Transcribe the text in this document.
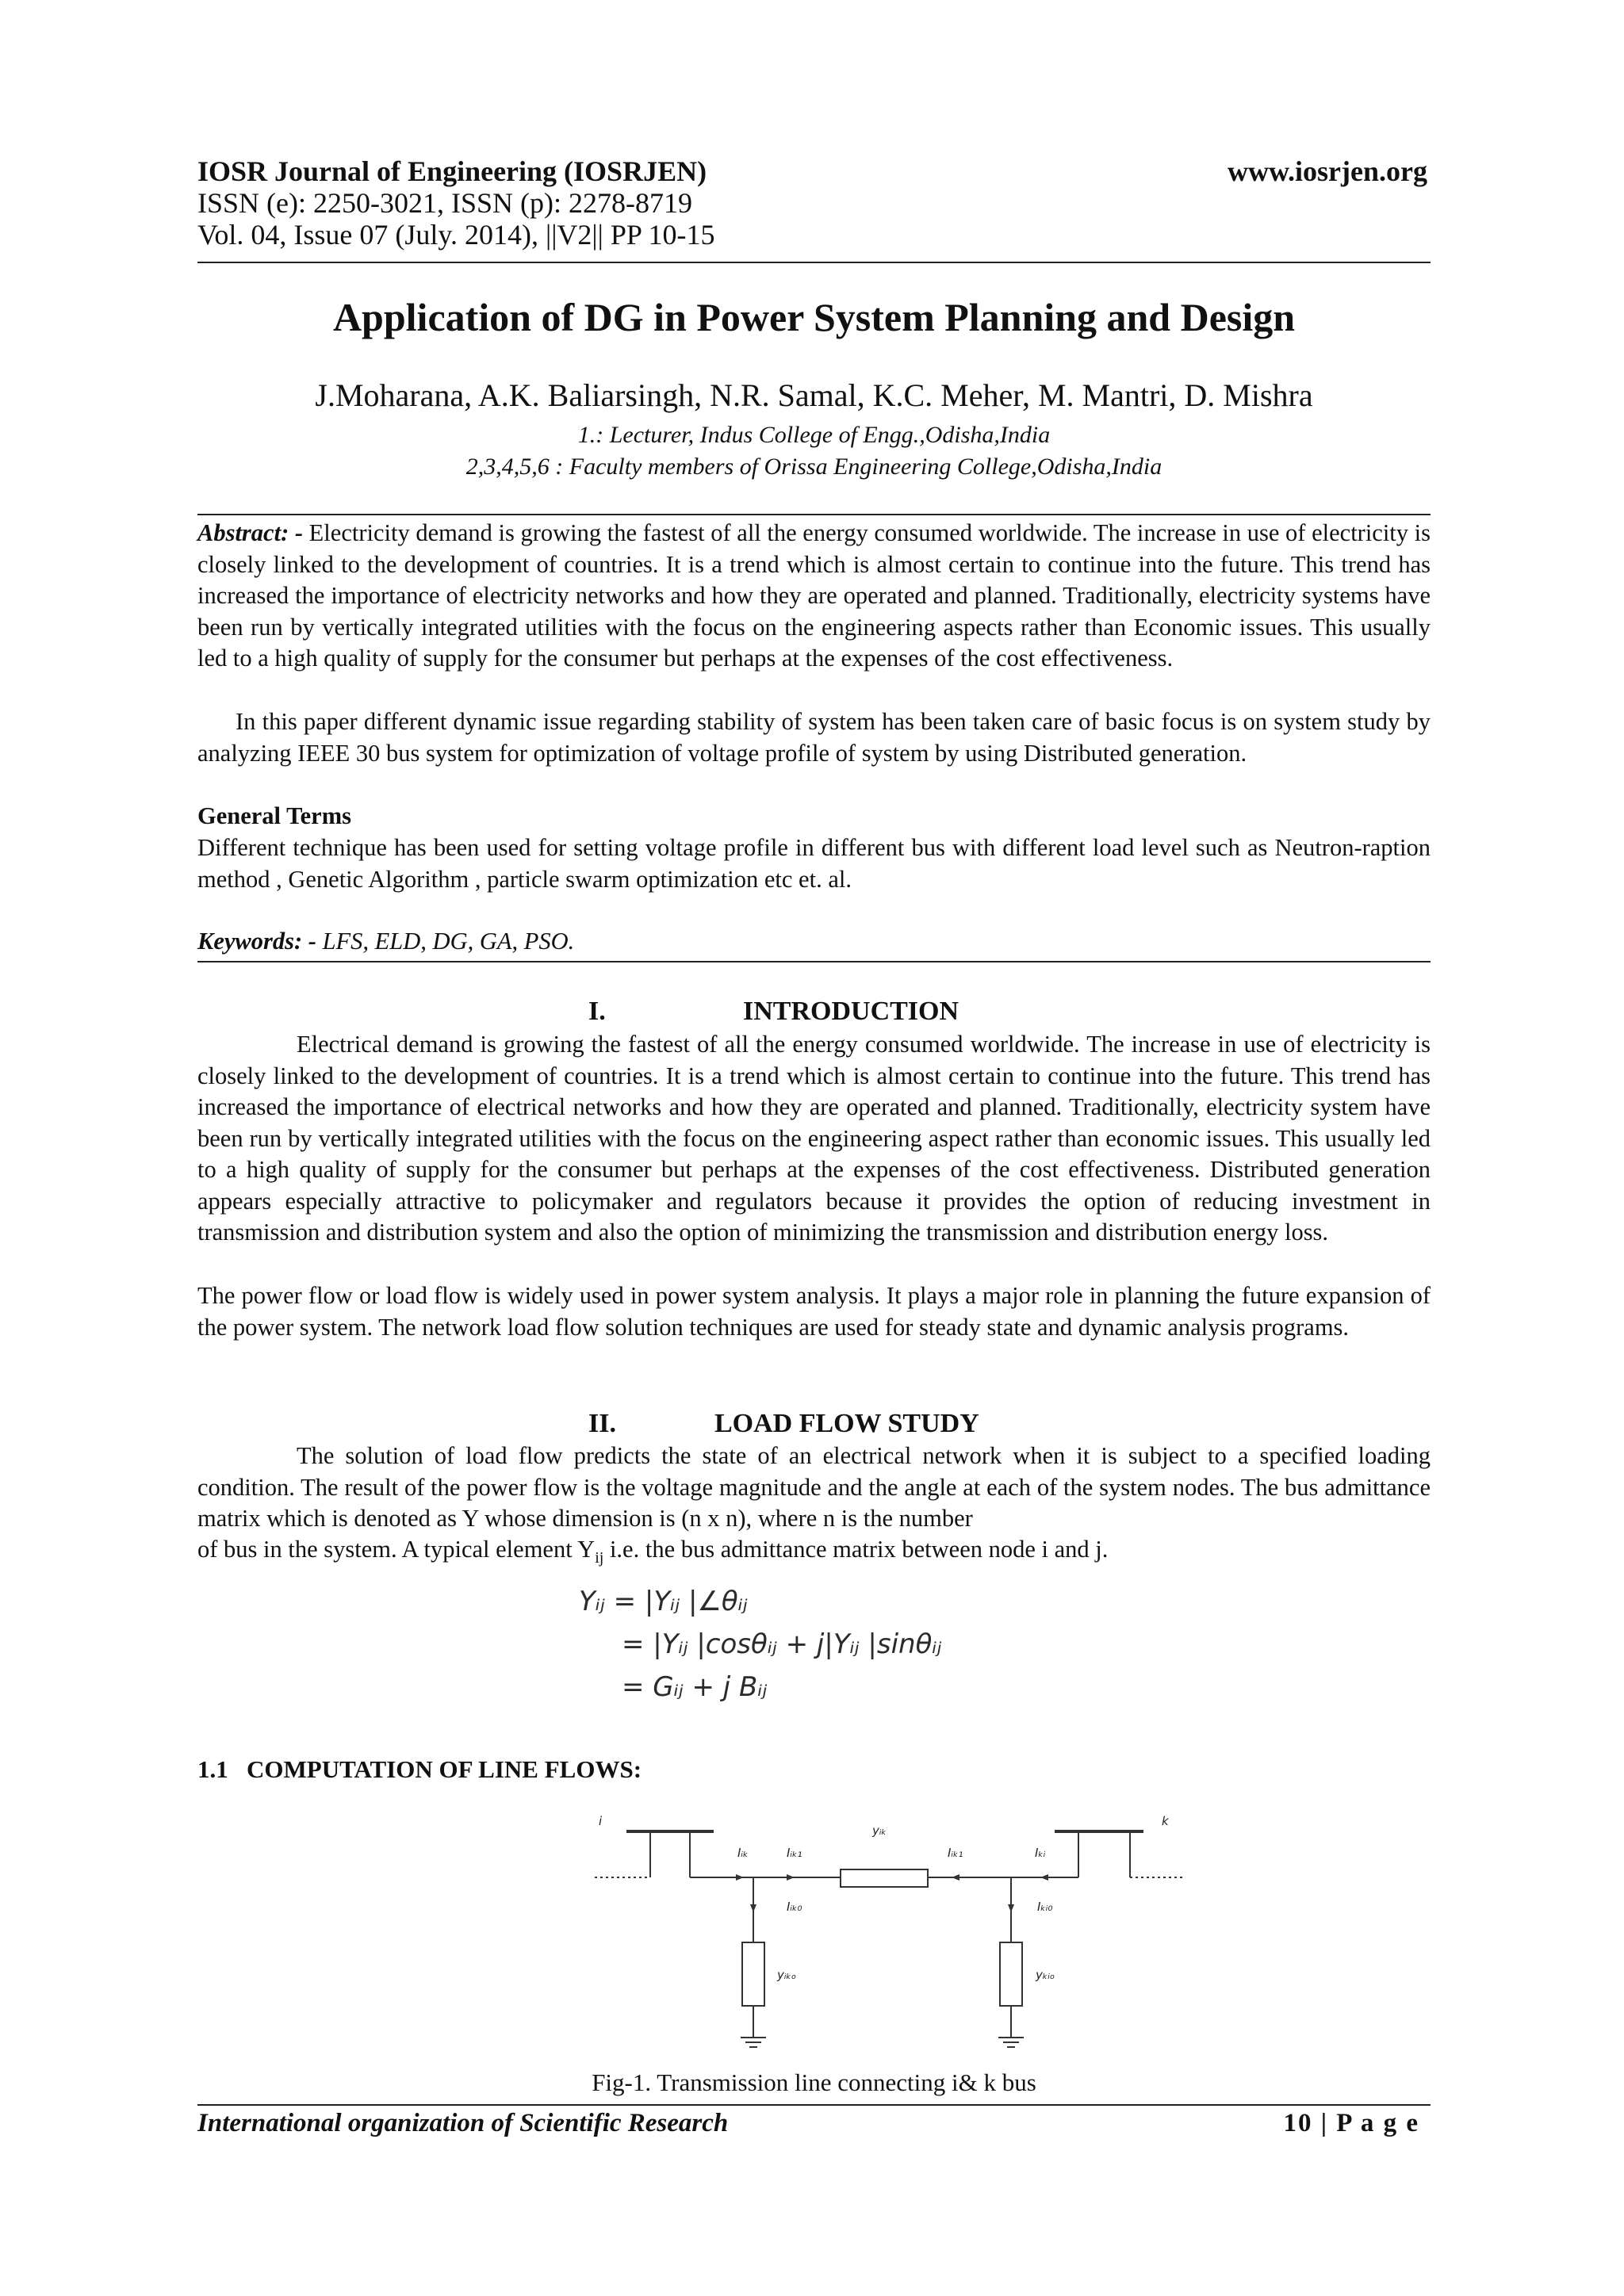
IOSR Journal of Engineering (IOSRJEN)
ISSN (e): 2250-3021, ISSN (p): 2278-8719
Vol. 04, Issue 07 (July. 2014), ||V2|| PP 10-15
www.iosrjen.org
Application of DG in Power System Planning and Design
J.Moharana, A.K. Baliarsingh, N.R. Samal, K.C. Meher, M. Mantri, D. Mishra
1.: Lecturer, Indus College of Engg.,Odisha,India
2,3,4,5,6 : Faculty members of Orissa Engineering College,Odisha,India
Abstract: - Electricity demand is growing the fastest of all the energy consumed worldwide. The increase in use of electricity is closely linked to the development of countries. It is a trend which is almost certain to continue into the future. This trend has increased the importance of electricity networks and how they are operated and planned. Traditionally, electricity systems have been run by vertically integrated utilities with the focus on the engineering aspects rather than Economic issues. This usually led to a high quality of supply for the consumer but perhaps at the expenses of the cost effectiveness.
In this paper different dynamic issue regarding stability of system has been taken care of basic focus is on system study by analyzing IEEE 30 bus system for optimization of voltage profile of system by using Distributed generation.
General Terms
Different technique has been used for setting voltage profile in different bus with different load level such as Neutron-raption method , Genetic Algorithm , particle swarm optimization etc et. al.
Keywords: - LFS, ELD, DG, GA, PSO.
I.	INTRODUCTION
Electrical demand is growing the fastest of all the energy consumed worldwide. The increase in use of electricity is closely linked to the development of countries. It is a trend which is almost certain to continue into the future. This trend has increased the importance of electrical networks and how they are operated and planned. Traditionally, electricity system have been run by vertically integrated utilities with the focus on the engineering aspect rather than economic issues. This usually led to a high quality of supply for the consumer but perhaps at the expenses of the cost effectiveness. Distributed generation appears especially attractive to policymaker and regulators because it provides the option of reducing investment in transmission and distribution system and also the option of minimizing the transmission and distribution energy loss.
The power flow or load flow is widely used in power system analysis. It plays a major role in planning the future expansion of the power system. The network load flow solution techniques are used for steady state and dynamic analysis programs.
II.	LOAD FLOW STUDY
The solution of load flow predicts the state of an electrical network when it is subject to a specified loading condition. The result of the power flow is the voltage magnitude and the angle at each of the system nodes. The bus admittance matrix which is denoted as Y whose dimension is (n x n), where n is the number
of bus in the system. A typical element $Y_{ij}$ i.e. the bus admittance matrix between node i and j.
Yᵢⱼ = |Yᵢⱼ |∠θᵢⱼ
= |Yᵢⱼ |cosθᵢⱼ + j|Yᵢⱼ |sinθᵢⱼ
= Gᵢⱼ + j Bᵢⱼ
1.1 COMPUTATION OF LINE FLOWS:
i	k
yᵢₖ
Iᵢₖ	Iᵢₖ₁	Iᵢₖ₁	Iₖᵢ
Iᵢₖ₀	Iₖᵢ₀
yᵢₖₒ	yₖᵢₒ
Fig-1. Transmission line connecting i& k bus
International organization of Scientific Research	10 | P a g e
